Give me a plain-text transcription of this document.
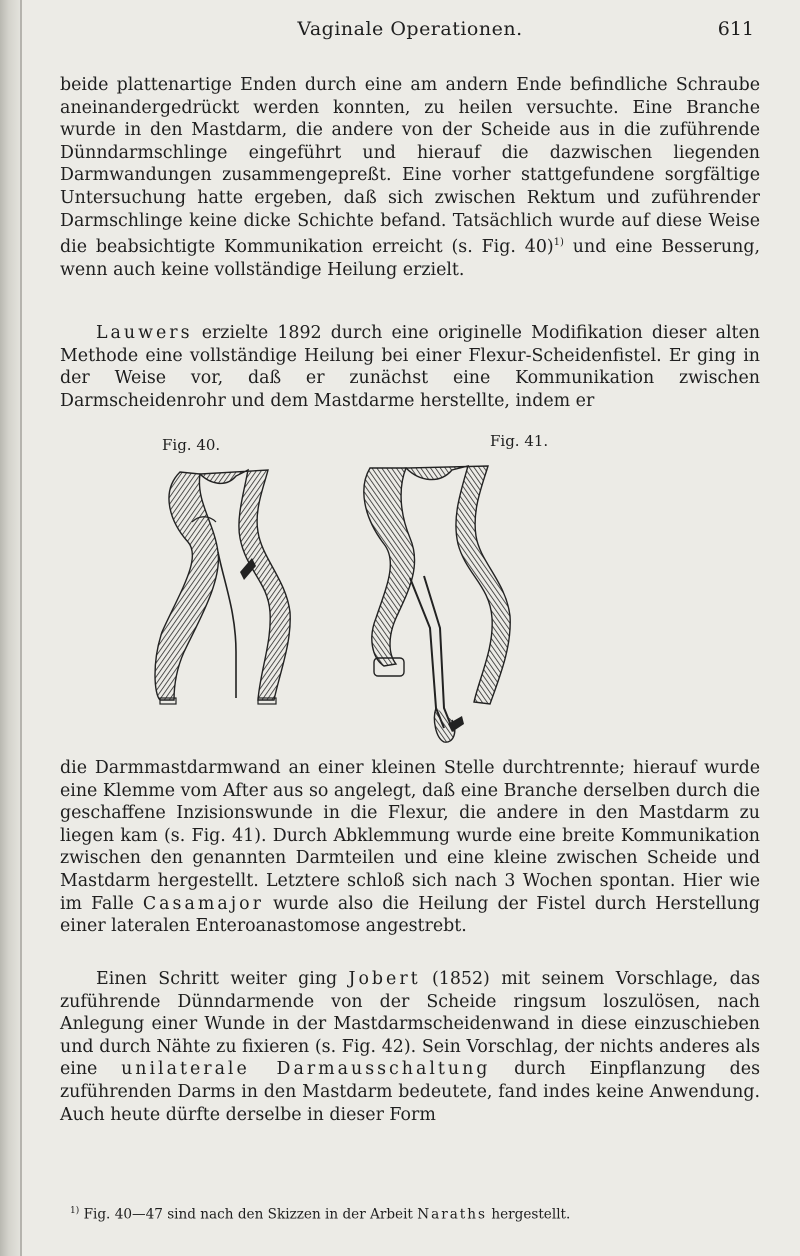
Vaginale Operationen.	611

beide plattenartige Enden durch eine am andern Ende befindliche Schraube aneinandergedrückt werden konnten, zu heilen versuchte. Eine Branche wurde in den Mastdarm, die andere von der Scheide aus in die zuführende Dünndarmschlinge eingeführt und hierauf die dazwischen liegenden Darmwandungen zusammengepreßt. Eine vorher stattgefundene sorgfältige Untersuchung hatte ergeben, daß sich zwischen Rektum und zuführender Darmschlinge keine dicke Schichte befand. Tatsächlich wurde auf diese Weise die beabsichtigte Kommunikation erreicht (s. Fig. 40)$^{1)}$ und eine Besserung, wenn auch keine vollständige Heilung erzielt.

Lauwers erzielte 1892 durch eine originelle Modifikation dieser alten Methode eine vollständige Heilung bei einer Flexur-Scheidenfistel. Er ging in der Weise vor, daß er zunächst eine Kommunikation zwischen Darmscheidenrohr und dem Mastdarme herstellte, indem er

Fig. 40.	Fig. 41.

die Darmmastdarmwand an einer kleinen Stelle durchtrennte; hierauf wurde eine Klemme vom After aus so angelegt, daß eine Branche derselben durch die geschaffene Inzisionswunde in die Flexur, die andere in den Mastdarm zu liegen kam (s. Fig. 41). Durch Abklemmung wurde eine breite Kommunikation zwischen den genannten Darmteilen und eine kleine zwischen Scheide und Mastdarm hergestellt. Letztere schloß sich nach 3 Wochen spontan. Hier wie im Falle Casamajor wurde also die Heilung der Fistel durch Herstellung einer lateralen Enteroanastomose angestrebt.

Einen Schritt weiter ging Jobert (1852) mit seinem Vorschlage, das zuführende Dünndarmende von der Scheide ringsum loszulösen, nach Anlegung einer Wunde in der Mastdarmscheidenwand in diese einzuschieben und durch Nähte zu fixieren (s. Fig. 42). Sein Vorschlag, der nichts anderes als eine unilaterale Darmausschaltung durch Einpflanzung des zuführenden Darms in den Mastdarm bedeutete, fand indes keine Anwendung. Auch heute dürfte derselbe in dieser Form

$^{1)}$ Fig. 40—47 sind nach den Skizzen in der Arbeit Naraths hergestellt.
